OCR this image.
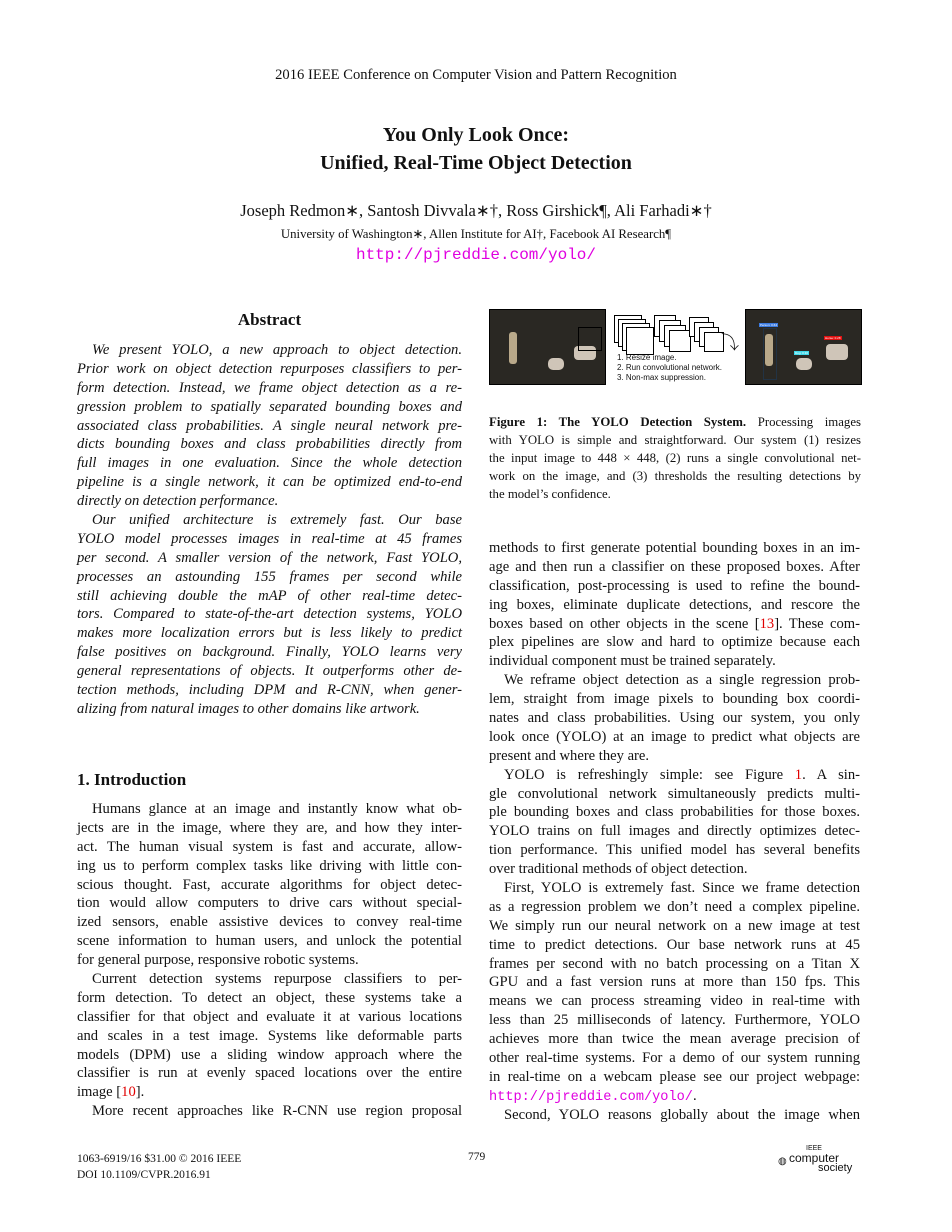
2016 IEEE Conference on Computer Vision and Pattern Recognition
You Only Look Once:
Unified, Real-Time Object Detection
Joseph Redmon∗, Santosh Divvala∗†, Ross Girshick¶, Ali Farhadi∗†
University of Washington∗, Allen Institute for AI†, Facebook AI Research¶
http://pjreddie.com/yolo/
Abstract
We present YOLO, a new approach to object detection.
Prior work on object detection repurposes classifiers to per-
form detection. Instead, we frame object detection as a re-
gression problem to spatially separated bounding boxes and
associated class probabilities. A single neural network pre-
dicts bounding boxes and class probabilities directly from
full images in one evaluation. Since the whole detection
pipeline is a single network, it can be optimized end-to-end
directly on detection performance.
Our unified architecture is extremely fast. Our base
YOLO model processes images in real-time at 45 frames
per second. A smaller version of the network, Fast YOLO,
processes an astounding 155 frames per second while
still achieving double the mAP of other real-time detec-
tors. Compared to state-of-the-art detection systems, YOLO
makes more localization errors but is less likely to predict
false positives on background. Finally, YOLO learns very
general representations of objects. It outperforms other de-
tection methods, including DPM and R-CNN, when gener-
alizing from natural images to other domains like artwork.
1. Introduction
Humans glance at an image and instantly know what ob-
jects are in the image, where they are, and how they inter-
act. The human visual system is fast and accurate, allow-
ing us to perform complex tasks like driving with little con-
scious thought. Fast, accurate algorithms for object detec-
tion would allow computers to drive cars without special-
ized sensors, enable assistive devices to convey real-time
scene information to human users, and unlock the potential
for general purpose, responsive robotic systems.
Current detection systems repurpose classifiers to per-
form detection. To detect an object, these systems take a
classifier for that object and evaluate it at various locations
and scales in a test image. Systems like deformable parts
models (DPM) use a sliding window approach where the
classifier is run at evenly spaced locations over the entire
image [10].
More recent approaches like R-CNN use region proposal
⤵
1. Resize image.
2. Run convolutional network.
3. Non-max suppression.
Person: 0.64
Horse: 0.28
Dog: 0.30
Figure 1: The YOLO Detection System. Processing images
with YOLO is simple and straightforward. Our system (1) resizes
the input image to 448 × 448, (2) runs a single convolutional net-
work on the image, and (3) thresholds the resulting detections by
the model’s confidence.
methods to first generate potential bounding boxes in an im-
age and then run a classifier on these proposed boxes. After
classification, post-processing is used to refine the bound-
ing boxes, eliminate duplicate detections, and rescore the
boxes based on other objects in the scene [13]. These com-
plex pipelines are slow and hard to optimize because each
individual component must be trained separately.
We reframe object detection as a single regression prob-
lem, straight from image pixels to bounding box coordi-
nates and class probabilities. Using our system, you only
look once (YOLO) at an image to predict what objects are
present and where they are.
YOLO is refreshingly simple: see Figure 1. A sin-
gle convolutional network simultaneously predicts multi-
ple bounding boxes and class probabilities for those boxes.
YOLO trains on full images and directly optimizes detec-
tion performance. This unified model has several benefits
over traditional methods of object detection.
First, YOLO is extremely fast. Since we frame detection
as a regression problem we don’t need a complex pipeline.
We simply run our neural network on a new image at test
time to predict detections. Our base network runs at 45
frames per second with no batch processing on a Titan X
GPU and a fast version runs at more than 150 fps. This
means we can process streaming video in real-time with
less than 25 milliseconds of latency. Furthermore, YOLO
achieves more than twice the mean average precision of
other real-time systems. For a demo of our system running
in real-time on a webcam please see our project webpage:
http://pjreddie.com/yolo/.
Second, YOLO reasons globally about the image when
1063-6919/16 $31.00 © 2016 IEEE
DOI 10.1109/CVPR.2016.91
779	◍
IEEE
computer
society
